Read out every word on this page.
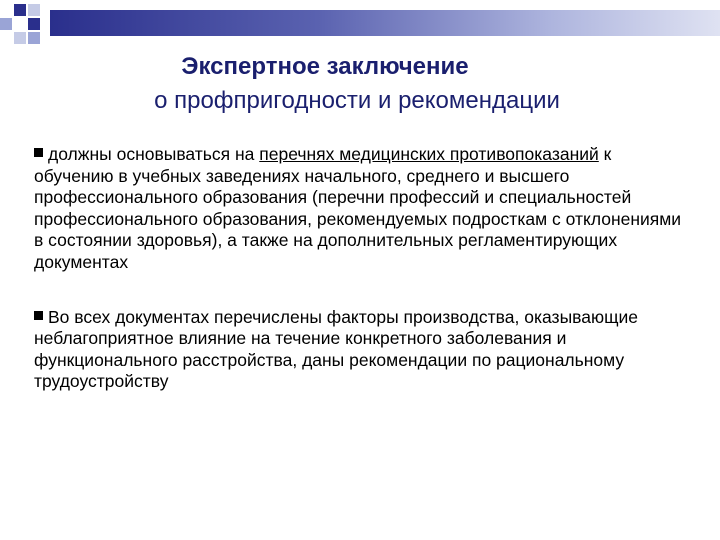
Экспертное заключение
о профпригодности и рекомендации

должны основываться на перечнях медицинских противопоказаний к обучению в учебных заведениях начального, среднего и высшего профессионального образования (перечни профессий и специальностей профессионального образования, рекомендуемых подросткам с отклонениями в состоянии здоровья), а также на дополнительных регламентирующих документах

Во всех документах перечислены факторы производства, оказывающие неблагоприятное влияние на течение конкретного заболевания и функционального расстройства, даны рекомендации по рациональному трудоустройству
